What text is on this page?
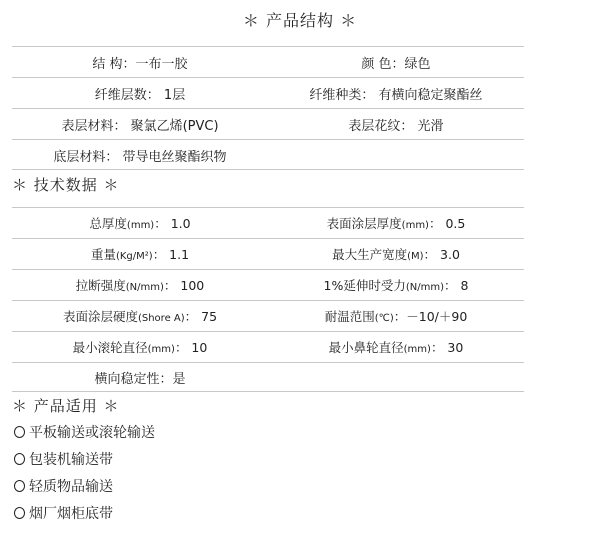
＊ 产品结构 ＊
结 构：一布一胶	颜 色：绿色
纤维层数： 1层	纤维种类： 有横向稳定聚酯丝
表层材料： 聚氯乙烯(PVC)	表层花纹： 光滑
底层材料： 带导电丝聚酯织物
＊ 技术数据 ＊
总厚度(mm)： 1.0	表面涂层厚度(mm)： 0.5
重量(Kg/M²)： 1.1	最大生产宽度(M)： 3.0
拉断强度(N/mm)： 100	1%延伸时受力(N/mm)： 8
表面涂层硬度(Shore A)： 75	耐温范围(℃)：－10/＋90
最小滚轮直径(mm)： 10	最小鼻轮直径(mm)： 30
横向稳定性：是
＊ 产品适用 ＊
平板输送或滚轮输送
包装机输送带
轻质物品输送
烟厂烟柜底带
